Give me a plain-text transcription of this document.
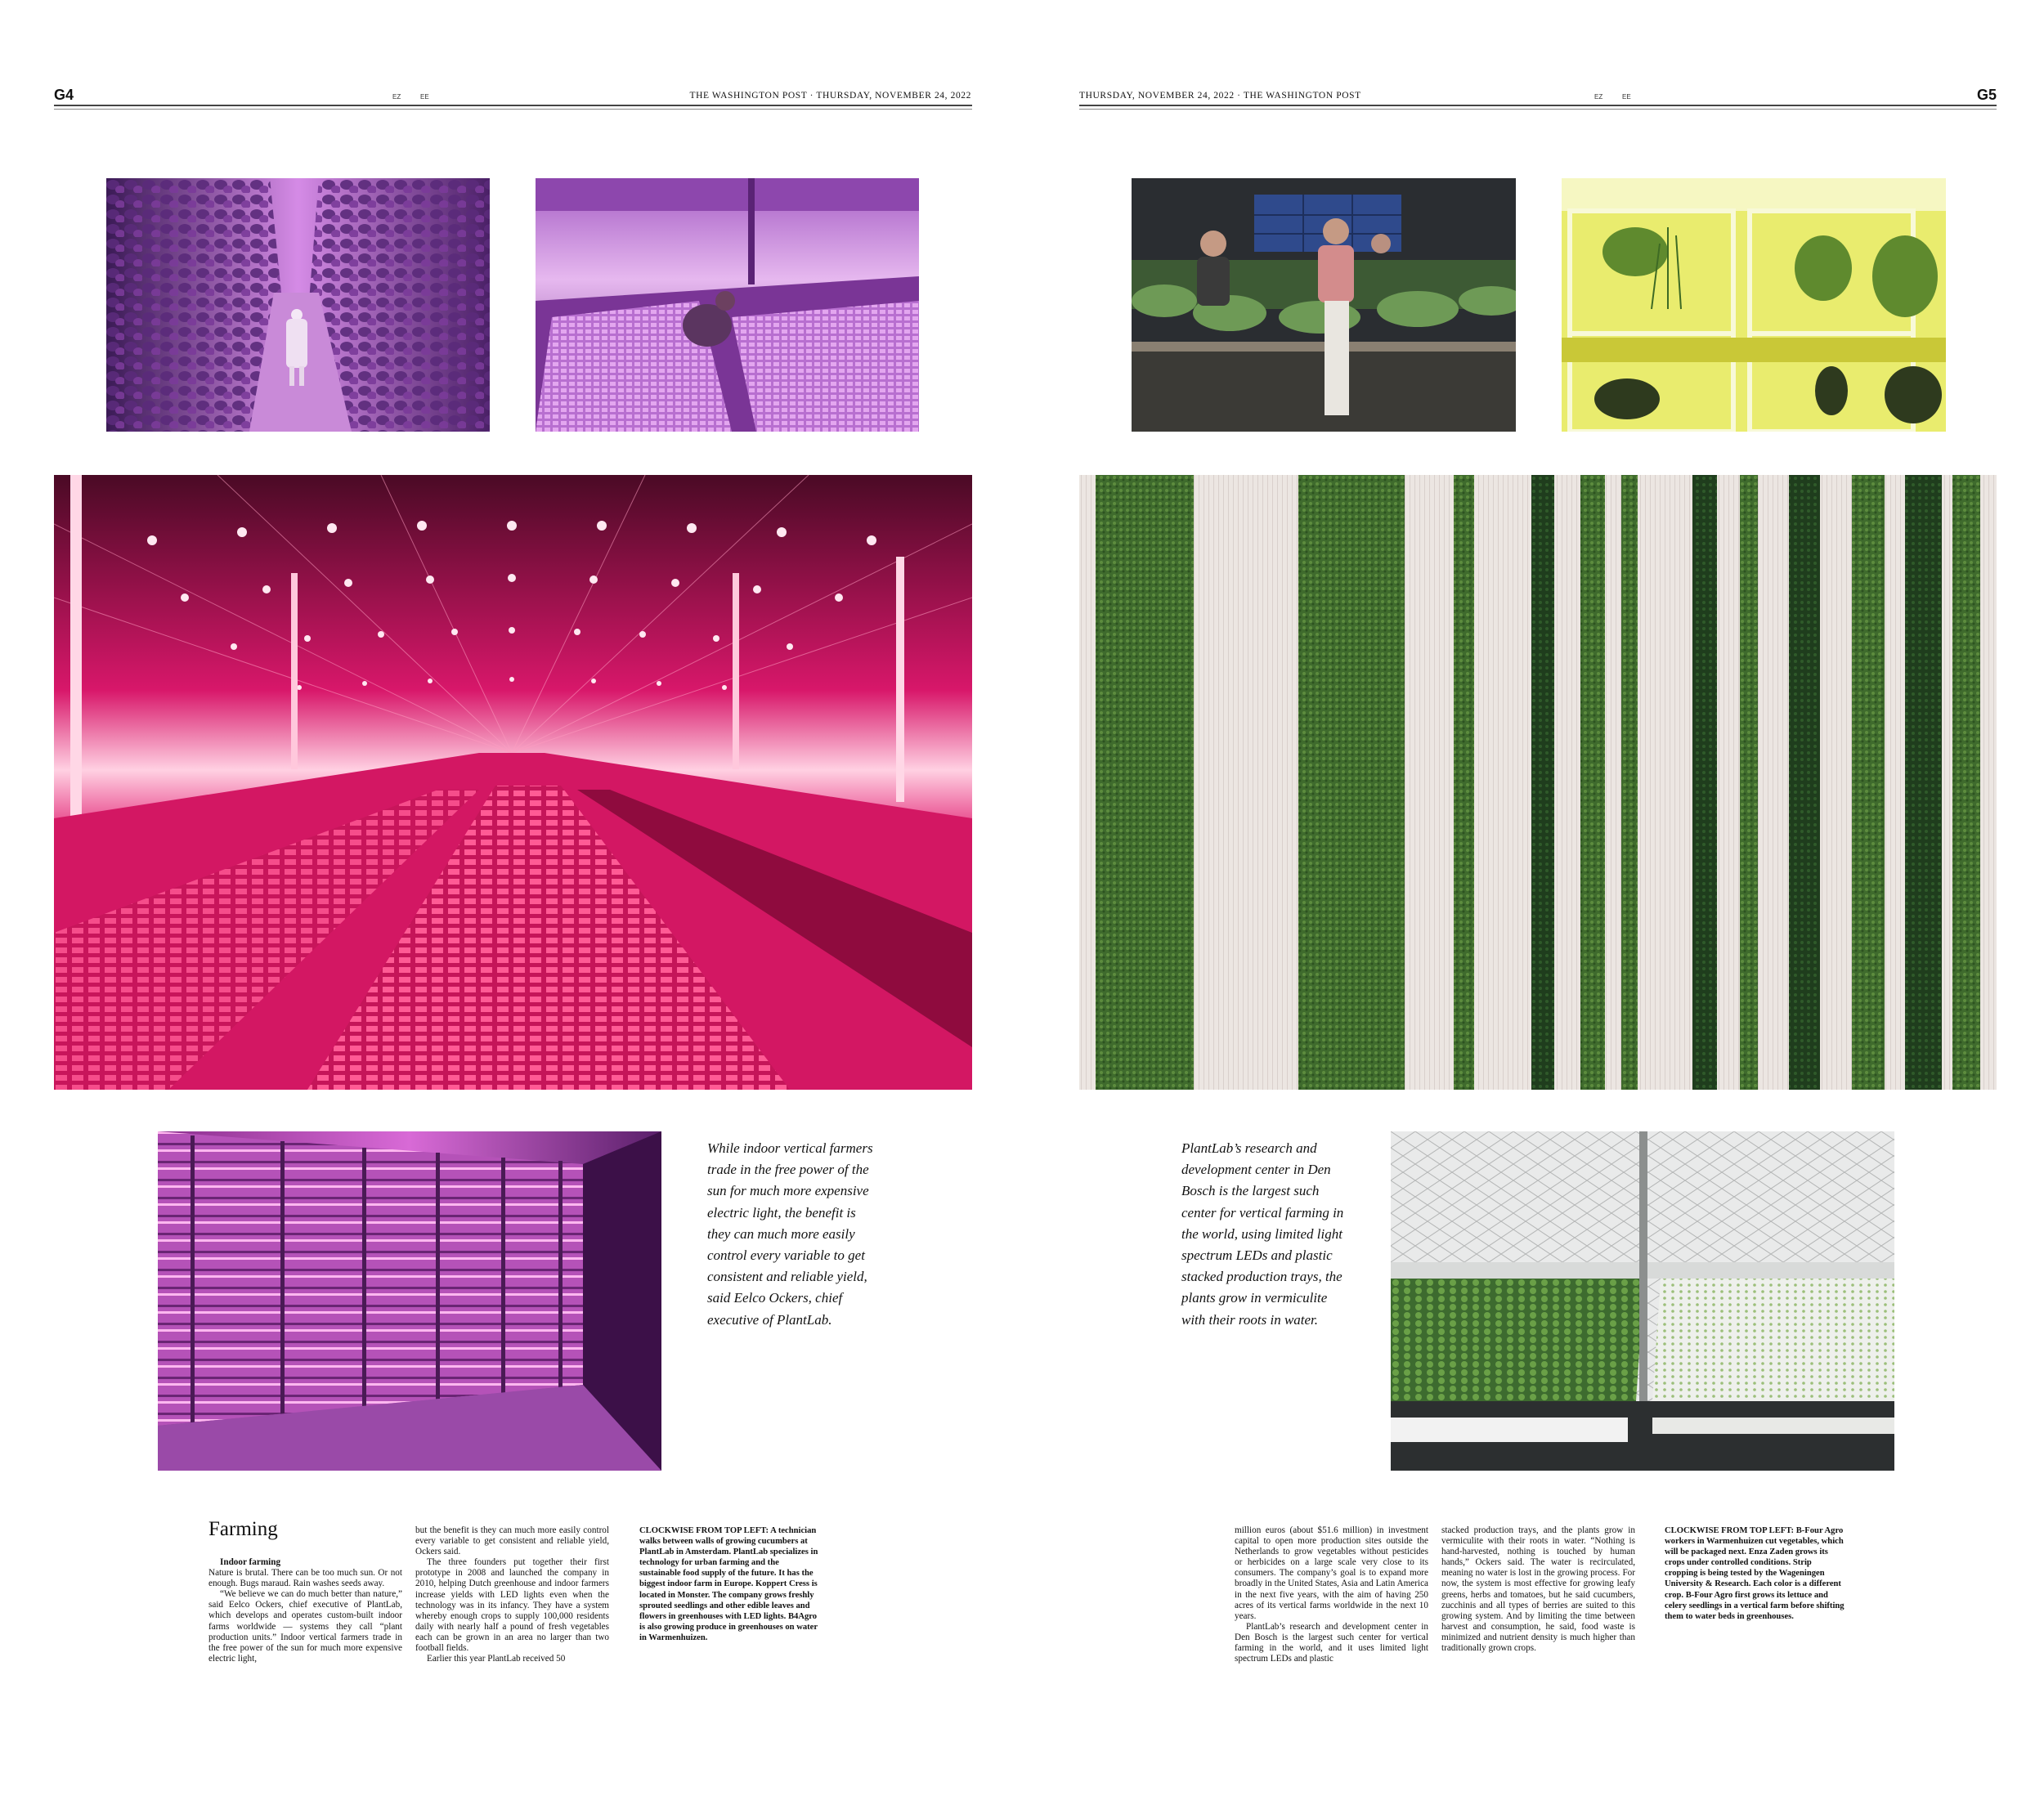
G4	EZ	EE	THE WASHINGTON POST · THURSDAY, NOVEMBER 24, 2022	THURSDAY, NOVEMBER 24, 2022 · THE WASHINGTON POST	EZ	EE	G5
While indoor vertical farmers trade in the free power of the sun for much more expensive electric light, the benefit is they can much more easily control every variable to get consistent and reliable yield, said Eelco Ockers, chief executive of PlantLab.
PlantLab’s research and development center in Den Bosch is the largest such center for vertical farming in the world, using limited light spectrum LEDs and plastic stacked production trays, the plants grow in vermiculite with their roots in water.
Farming
Indoor farming

Nature is brutal. There can be too much sun. Or not enough. Bugs maraud. Rain washes seeds away.

“We believe we can do much better than nature,” said Eelco Ockers, chief executive of PlantLab, which develops and operates custom-built indoor farms worldwide — systems they call “plant production units.” Indoor vertical farmers trade in the free power of the sun for much more expensive electric light,

but the benefit is they can much more easily control every variable to get consistent and reliable yield, Ockers said.

The three founders put together their first prototype in 2008 and launched the company in 2010, helping Dutch greenhouse and indoor farmers increase yields with LED lights even when the technology was in its infancy. They have a system whereby enough crops to supply 100,000 residents daily with nearly half a pound of fresh vegetables each can be grown in an area no larger than two football fields.

Earlier this year PlantLab received 50

CLOCKWISE FROM TOP LEFT: A technician walks between walls of growing cucumbers at PlantLab in Amsterdam. PlantLab specializes in technology for urban farming and the sustainable food supply of the future. It has the biggest indoor farm in Europe. Koppert Cress is located in Monster. The company grows freshly sprouted seedlings and other edible leaves and flowers in greenhouses with LED lights. B4Agro is also growing produce in greenhouses on water in Warmenhuizen.

million euros (about $51.6 million) in investment capital to open more production sites outside the Netherlands to grow vegetables without pesticides or herbicides on a large scale very close to its consumers. The company’s goal is to expand more broadly in the United States, Asia and Latin America in the next five years, with the aim of having 250 acres of its vertical farms worldwide in the next 10 years.

PlantLab’s research and development center in Den Bosch is the largest such center for vertical farming in the world, and it uses limited light spectrum LEDs and plastic

stacked production trays, and the plants grow in vermiculite with their roots in water. “Nothing is hand-harvested, nothing is touched by human hands,” Ockers said. The water is recirculated, meaning no water is lost in the growing process. For now, the system is most effective for growing leafy greens, herbs and tomatoes, but he said cucumbers, zucchinis and all types of berries are suited to this growing system. And by limiting the time between harvest and consumption, he said, food waste is minimized and nutrient density is much higher than traditionally grown crops.

CLOCKWISE FROM TOP LEFT: B-Four Agro workers in Warmenhuizen cut vegetables, which will be packaged next. Enza Zaden grows its crops under controlled conditions. Strip cropping is being tested by the Wageningen University & Research. Each color is a different crop. B-Four Agro first grows its lettuce and celery seedlings in a vertical farm before shifting them to water beds in greenhouses.
